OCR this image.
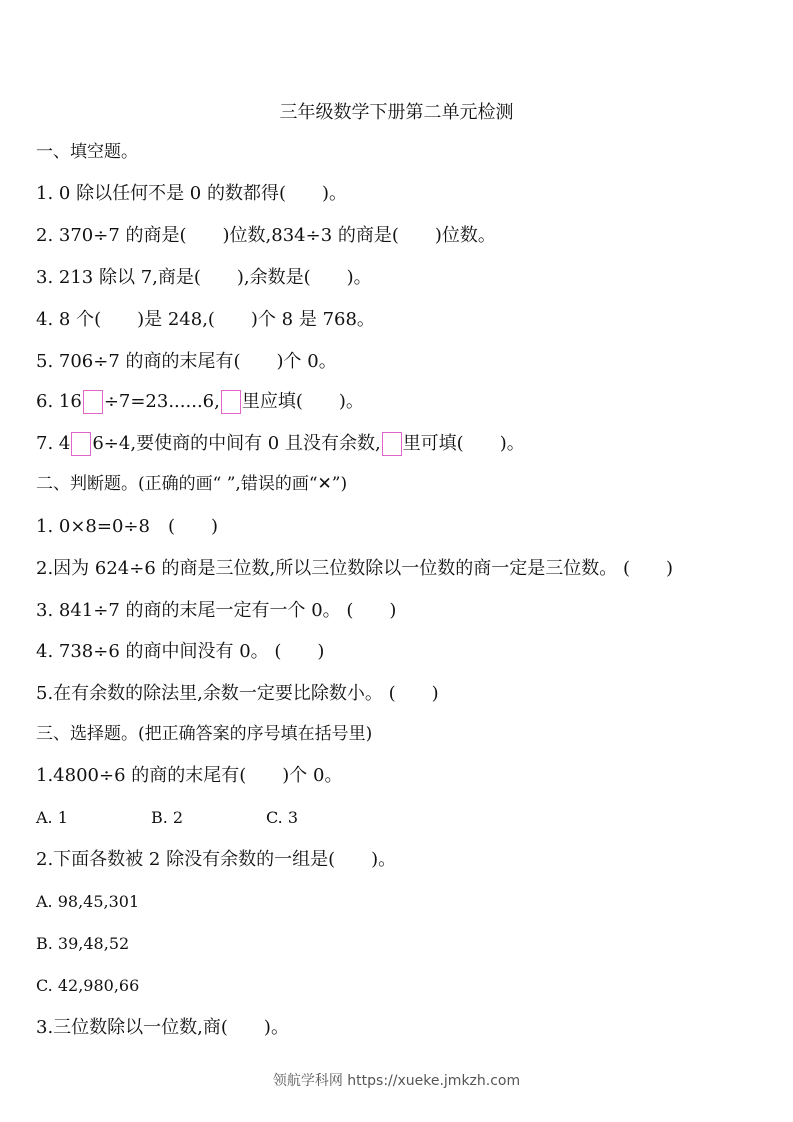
三年级数学下册第二单元检测
一、填空题。
1. 0 除以任何不是 0 的数都得(　　)。
2. 370÷7 的商是(　　)位数,834÷3 的商是(　　)位数。
3. 213 除以 7,商是(　　),余数是(　　)。
4. 8 个(　　)是 248,(　　)个 8 是 768。
5. 706÷7 的商的末尾有(　　)个 0。
6. 16 ÷7=23......6, 里应填(　　)。
7. 4 6÷4,要使商的中间有 0 且没有余数, 里可填(　　)。
二、判断题。(正确的画“ ”,错误的画“✕”)
1. 0×8=0÷8　(　　)
2.因为 624÷6 的商是三位数,所以三位数除以一位数的商一定是三位数。 (　　)
3. 841÷7 的商的末尾一定有一个 0。 (　　)
4. 738÷6 的商中间没有 0。 (　　)
5.在有余数的除法里,余数一定要比除数小。 (　　)
三、选择题。(把正确答案的序号填在括号里)
1.4800÷6 的商的末尾有(　　)个 0。
A. 1	B. 2	C. 3
2.下面各数被 2 除没有余数的一组是(　　)。
A. 98,45,301
B. 39,48,52
C. 42,980,66
3.三位数除以一位数,商(　　)。
领航学科网 https://xueke.jmkzh.com
